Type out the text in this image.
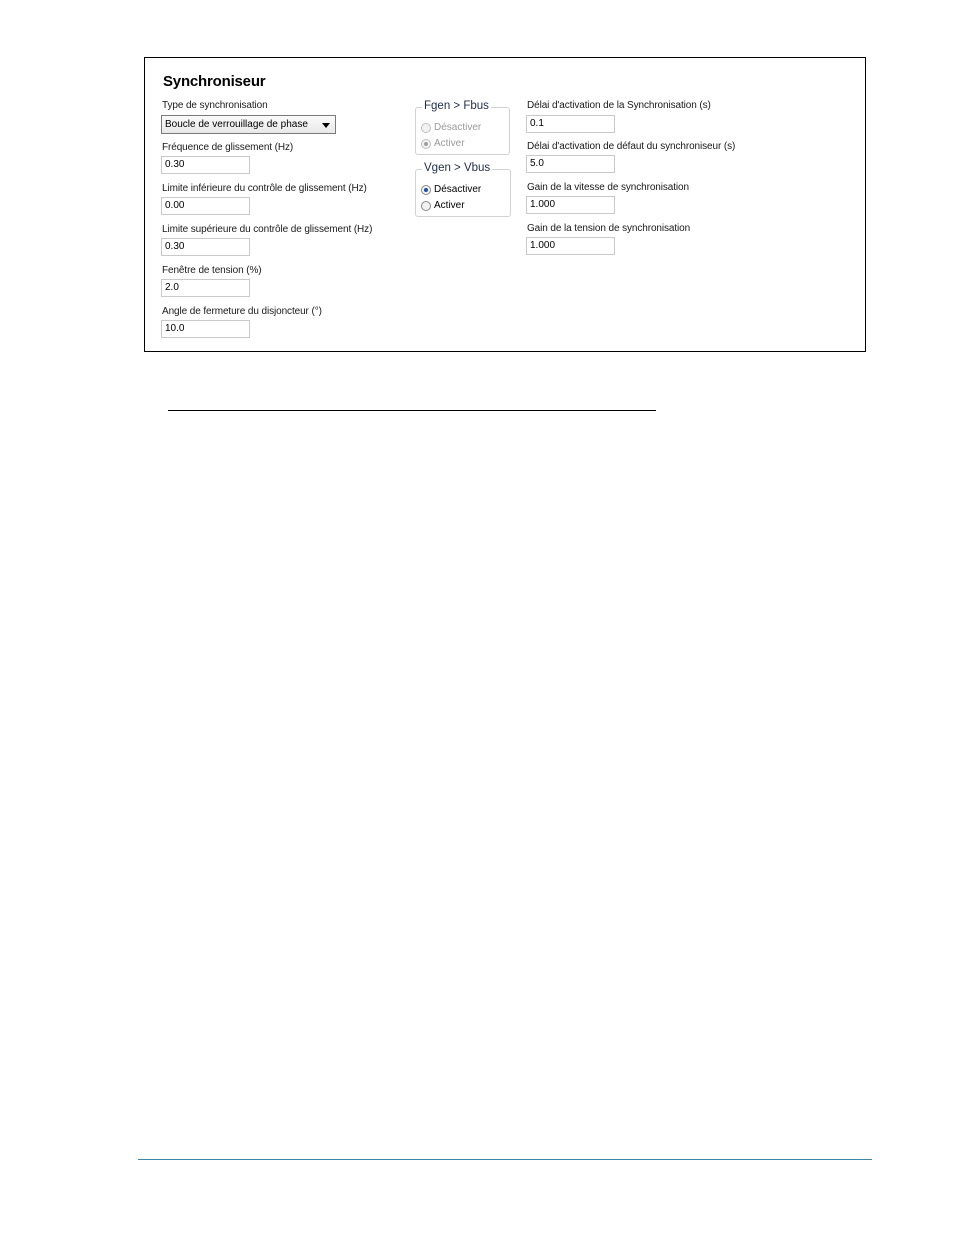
Synchroniseur
Type de synchronisation
Boucle de verrouillage de phase
Fréquence de glissement (Hz)
0.30
Limite inférieure du contrôle de glissement (Hz)
0.00
Limite supérieure du contrôle de glissement (Hz)
0.30
Fenêtre de tension (%)
2.0
Angle de fermeture du disjoncteur (°)
10.0
Fgen > Fbus
Désactiver
Activer
Vgen > Vbus
Désactiver
Activer
Délai d'activation de la Synchronisation (s)
0.1
Délai d'activation de défaut du synchroniseur (s)
5.0
Gain de la vitesse de synchronisation
1.000
Gain de la tension de synchronisation
1.000
